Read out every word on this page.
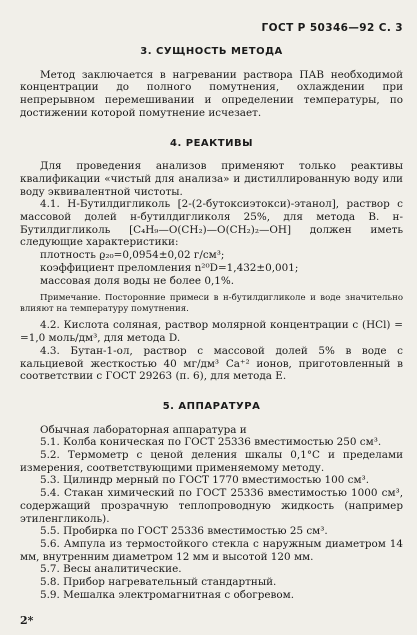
ГОСТ Р 50346—92 С. 3
3. СУЩНОСТЬ МЕТОДА

Метод заключается в нагревании раствора ПАВ необходимой концентрации до полного помутнения, охлаждении при непрерывном перемешивании и определении температуры, по достижении которой помутнение исчезает.

4. РЕАКТИВЫ

Для проведения анализов применяют только реактивы квалификации «чистый для анализа» и дистиллированную воду или воду эквивалентной чистоты.

4.1. Н-Бутилдигликоль [2-(2-бутоксиэтокси)-этанол], раствор с массовой долей н-бутилдигликоля 25%, для метода В. н-Бутилдигликоль [C₄H₉—O(CH₂)—O(CH₂)₂—OH] должен иметь следующие характеристики:

плотность ϱ₂₀=0,0954±0,02 г/см³;

коэффициент преломления n²⁰D=1,432±0,001;

массовая доля воды не более 0,1%.

Примечание. Посторонние примеси в н-бутилдигликоле и воде значительно влияют на температуру помутнения.

4.2. Кислота соляная, раствор молярной концентрации с (HCl) = =1,0 моль/дм³, для метода D.

4.3. Бутан-1-ол, раствор с массовой долей 5% в воде с кальциевой жесткостью 40 мг/дм³ Ca⁺² ионов, приготовленный в соответствии с ГОСТ 29263 (п. 6), для метода Е.

5. АППАРАТУРА

Обычная лабораторная аппаратура и

5.1. Колба коническая по ГОСТ 25336 вместимостью 250 см³.

5.2. Термометр с ценой деления шкалы 0,1°C и пределами измерения, соответствующими применяемому методу.

5.3. Цилиндр мерный по ГОСТ 1770 вместимостью 100 см³.

5.4. Стакан химический по ГОСТ 25336 вместимостью 1000 см³, содержащий прозрачную теплопроводную жидкость (например этиленгликоль).

5.5. Пробирка по ГОСТ 25336 вместимостью 25 см³.

5.6. Ампула из термостойкого стекла с наружным диаметром 14 мм, внутренним диаметром 12 мм и высотой 120 мм.

5.7. Весы аналитические.

5.8. Прибор нагревательный стандартный.

5.9. Мешалка электромагнитная с обогревом.

2*
